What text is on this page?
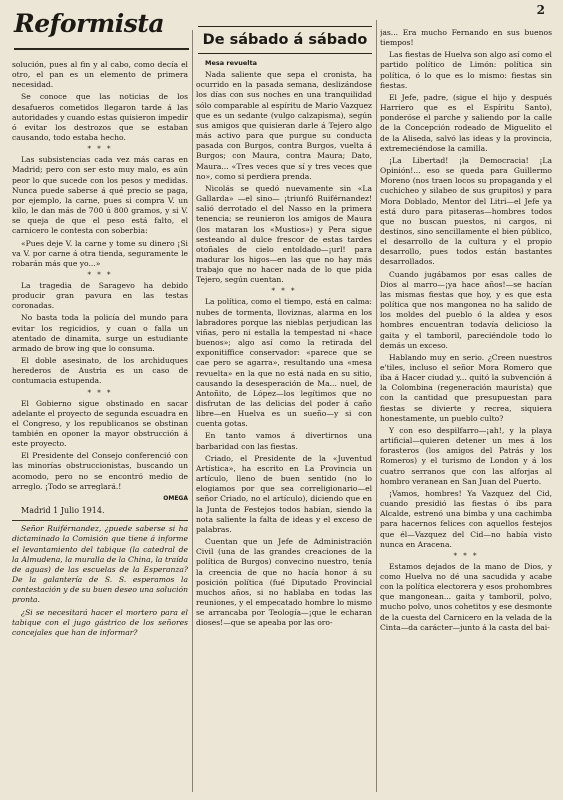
Reformista	2
De sábado á sábado

solución, pues al fin y al cabo, como decía el otro, el pan es un elemento de primera necesidad.

Se conoce que las noticias de los desafueros cometidos llegaron tarde á las autoridades y cuando estas quisieron impedir ó evitar los destrozos que se estaban causando, todo estaba hecho.

* * *

Las subsistencias cada vez más caras en Madrid; pero con ser esto muy malo, es aún peor lo que sucede con los pesos y medidas. Nunca puede saberse á qué precio se paga, por ejemplo, la carne, pues si compra V. un kilo, le dan más de 700 ú 800 gramos, y si V. se queja de que el peso está falto, el carnicero le contesta con soberbia:

«Pues deje V. la carne y tome su dinero ¡Si va V. por carne á otra tienda, seguramente le robarán más que yo...»

* * *

La tragedia de Saragevo ha debido producir gran pavura en las testas coronadas.

No basta toda la policía del mundo para evitar los regicidios, y cuan o falla un atentado de dinamita, surge un estudiante armado de brow ing que lo consuma.

El doble asesinato, de los archiduques herederos de Austria es un caso de contumacia estupenda.

* * *

El Gobierno sigue obstinado en sacar adelante el proyecto de segunda escuadra en el Congreso, y los republicanos se obstinan también en oponer la mayor obstrucción á este proyecto.

El Presidente del Consejo conferenció con las minorías obstruccionistas, buscando un acomodo, pero no se encontró medio de arreglo. ¡Todo se arreglará.!

OMEGA
Madrid 1 Julio 1914.

Señor Ruiférnandez, ¿puede saberse si ha dictaminado la Comisión que tiene á informe el levantamiento del tabique (la catedral de la Almudena, la muralla de la China, la traída de aguas) de las escuelas de la Esperanza? De la galantería de S. S. esperamos la contestación y de su buen deseo una solución pronta.

¿Si se necesitará hacer el mortero para el tabique con el jugo gástrico de los señores concejales que han de informar?

Mesa revuelta

Nada saliente que sepa el cronista, ha ocurrido en la pasada semana, deslizándose los días con sus noches en una tranquilidad sólo comparable al espíritu de Mario Vazquez que es un sedante (vulgo calzapisma), según sus amigos que quisieran darle á Tejero algo más activo para que purgue su conducta pasada con Burgos, contra Burgos, vuelta á Burgos; con Maura, contra Maura; Dato, Maura... «Tres veces que sí y tres veces que no», como si perdiera prenda.

Nicolás se quedó nuevamente sin «La Gallarda» —el sino— ¡triunfó Ruiférnandez! salió derrotado el del Nasso en la primera tenencia; se reunieron los amigos de Maura (los mataran los «Mustios») y Pera sigue sesteando al dulce frescor de estas tardes otoñales de cielo entoldado—¡url! para madurar los higos—en las que no hay más trabajo que no hacer nada de lo que pida Tejero, según cuentan.

* * *

La política, como el tiempo, está en calma: nubes de tormenta, lloviznas, alarma en los labradores porque las nieblas perjudican las viñas, pero ni estalla la tempestad ni «hace buenos»; algo así como la retirada del exponitiffice conservador: «parece que se cae pero se agarra», resultando una «mesa revuelta» en la que no está nada en su sitio, causando la desesperación de Ma... nuel, de Antoñito, de López—los legítimos que no disfrutan de las delicias del poder á caño libre—en Huelva es un sueño—y si con cuenta gotas.

En tanto vamos á divertirnos una barbaridad con las fiestas.

Criado, el Presidente de la «Juventud Artística», ha escrito en La Provincia un artículo, lleno de buen sentido (no lo elogiamos por que sea correligionario—el señor Criado, no el artículo), diciendo que en la Junta de Festejos todos habían, siendo la nota saliente la falta de ideas y el exceso de palabras.

Cuentan que un Jefe de Administración Civil (una de las grandes creaciones de la política de Burgos) convecino nuestro, tenía la creencia de que no hacía honor á su posición política (fué Diputado Provincial muchos años, si no hablaba en todas las reuniones, y el empecatado hombre lo mismo se arrancaba por Teología—¡que le echaran dioses!—que se apeaba por las oro-

jas... Era mucho Fernando en sus buenos tiempos!

Las fiestas de Huelva son algo así como el partido político de Limón: política sin política, ó lo que es lo mismo: fiestas sin fiestas.

El Jefe, padre, (sigue el hijo y después Harriero que es el Espíritu Santo), ponderóse el parche y saliendo por la calle de la Concepción rodeado de Miguelito el de la Aliseda, salvó las ideas y la provincia, extremeciéndose la camilla.

¡La Libertad! ¡la Democracia! ¡La Opinión!... eso se queda para Guillermo Moreno (nos traen locos su propaganda y el cuchicheo y silabeo de sus grupitos) y para Mora Doblado, Mentor del Litri—el Jefe ya está duro para pitaseras—hombres todos que no buscan puestos, ni cargos, ni destinos, sino sencillamente el bien público, el desarrollo de la cultura y el propio desarrollo, pues todos están bastantes desarrollados.

Cuando jugábamos por esas calles de Dios al marro—¡ya hace años!—se hacían las mismas fiestas que hoy, y es que esta política que nos mangonea no ha salido de los moldes del pueblo ó la aldea y esos hombres encuentran todavía delicioso la gaita y el tamboril, pareciéndole todo lo demás un exceso.

Hablando muy en serio. ¿Creen nuestros e'tiles, incluso el señor Mora Romero que iba á Hacer ciudad y... quitó la subvención á la Colombina (regeneración maurista) que con la cantidad que presupuestan para fiestas se divierte y recrea, siquiera honestamente, un pueblo culto?

Y con eso despilfarro—¡ah!, y la playa artificial—quieren detener un mes á los forasteros (los amigos del Patrás y los Romeros) y el turismo de London y á los cuatro serranos que con las alforjas al hombro veranean en San Juan del Puerto.

¡Vamos, hombres! Ya Vazquez del Cid, cuando presidió las fiestas ó íbs para Alcalde, estrenó una bimba y una cachimba para hacernos felices con aquellos festejos que él—Vazquez del Cid—no había visto nunca en Aracena.

* * *

Estamos dejados de la mano de Dios, y como Huelva no dé una sacudida y acabe con la política electorera y esos prohombres que mangonean... gaita y tamboril, polvo, mucho polvo, unos cohetitos y ese desmonte de la cuesta del Carnicero en la velada de la Cinta—da carácter—junto á la casta del bai-
